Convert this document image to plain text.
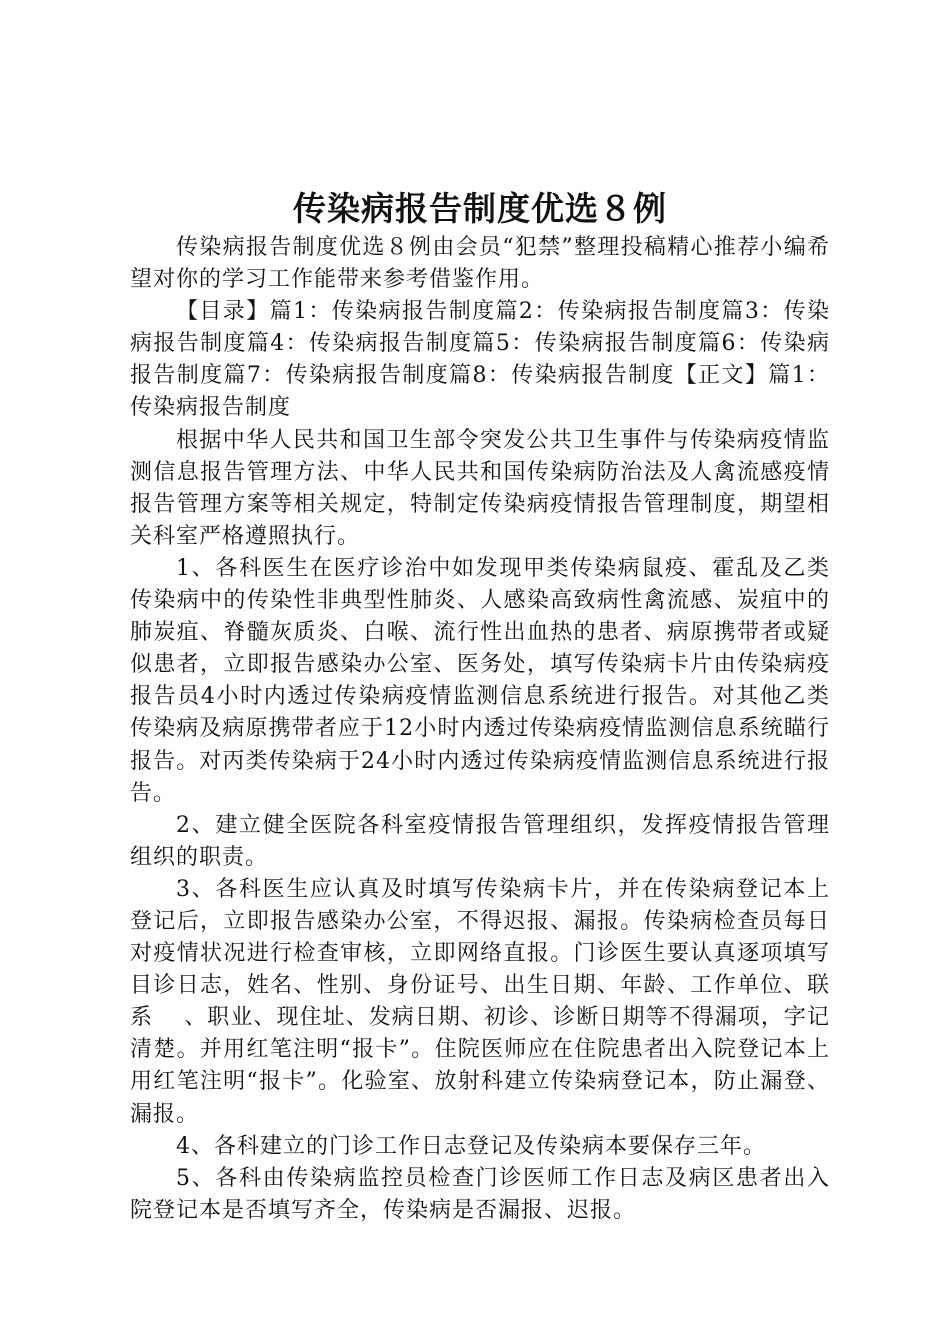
传染病报告制度优选８例

传染病报告制度优选８例由会员“犯禁”整理投稿精心推荐小编希望对你的学习工作能带来参考借鉴作用。

【目录】篇1：传染病报告制度篇2：传染病报告制度篇3：传染病报告制度篇4：传染病报告制度篇5：传染病报告制度篇6：传染病报告制度篇7：传染病报告制度篇8：传染病报告制度【正文】篇1：传染病报告制度

根据中华人民共和国卫生部令突发公共卫生事件与传染病疫情监测信息报告管理方法、中华人民共和国传染病防治法及人禽流感疫情报告管理方案等相关规定，特制定传染病疫情报告管理制度，期望相关科室严格遵照执行。

1、各科医生在医疗诊治中如发现甲类传染病鼠疫、霍乱及乙类传染病中的传染性非典型性肺炎、人感染高致病性禽流感、炭疽中的肺炭疽、脊髓灰质炎、白喉、流行性出血热的患者、病原携带者或疑似患者，立即报告感染办公室、医务处，填写传染病卡片由传染病疫报告员4小时内透过传染病疫情监测信息系统进行报告。对其他乙类传染病及病原携带者应于12小时内透过传染病疫情监测信息系统瞄行报告。对丙类传染病于24小时内透过传染病疫情监测信息系统进行报告。

2、建立健全医院各科室疫情报告管理组织，发挥疫情报告管理组织的职责。

3、各科医生应认真及时填写传染病卡片，并在传染病登记本上登记后，立即报告感染办公室，不得迟报、漏报。传染病检查员每日对疫情状况进行检查审核，立即网络直报。门诊医生要认真逐项填写目诊日志，姓名、性别、身份证号、出生日期、年龄、工作单位、联系　 、职业、现住址、发病日期、初诊、诊断日期等不得漏项，字记清楚。并用红笔注明“报卡”。住院医师应在住院患者出入院登记本上用红笔注明“报卡”。化验室、放射科建立传染病登记本，防止漏登、漏报。

4、各科建立的门诊工作日志登记及传染病本要保存三年。

5、各科由传染病监控员检查门诊医师工作日志及病区患者出入院登记本是否填写齐全，传染病是否漏报、迟报。
